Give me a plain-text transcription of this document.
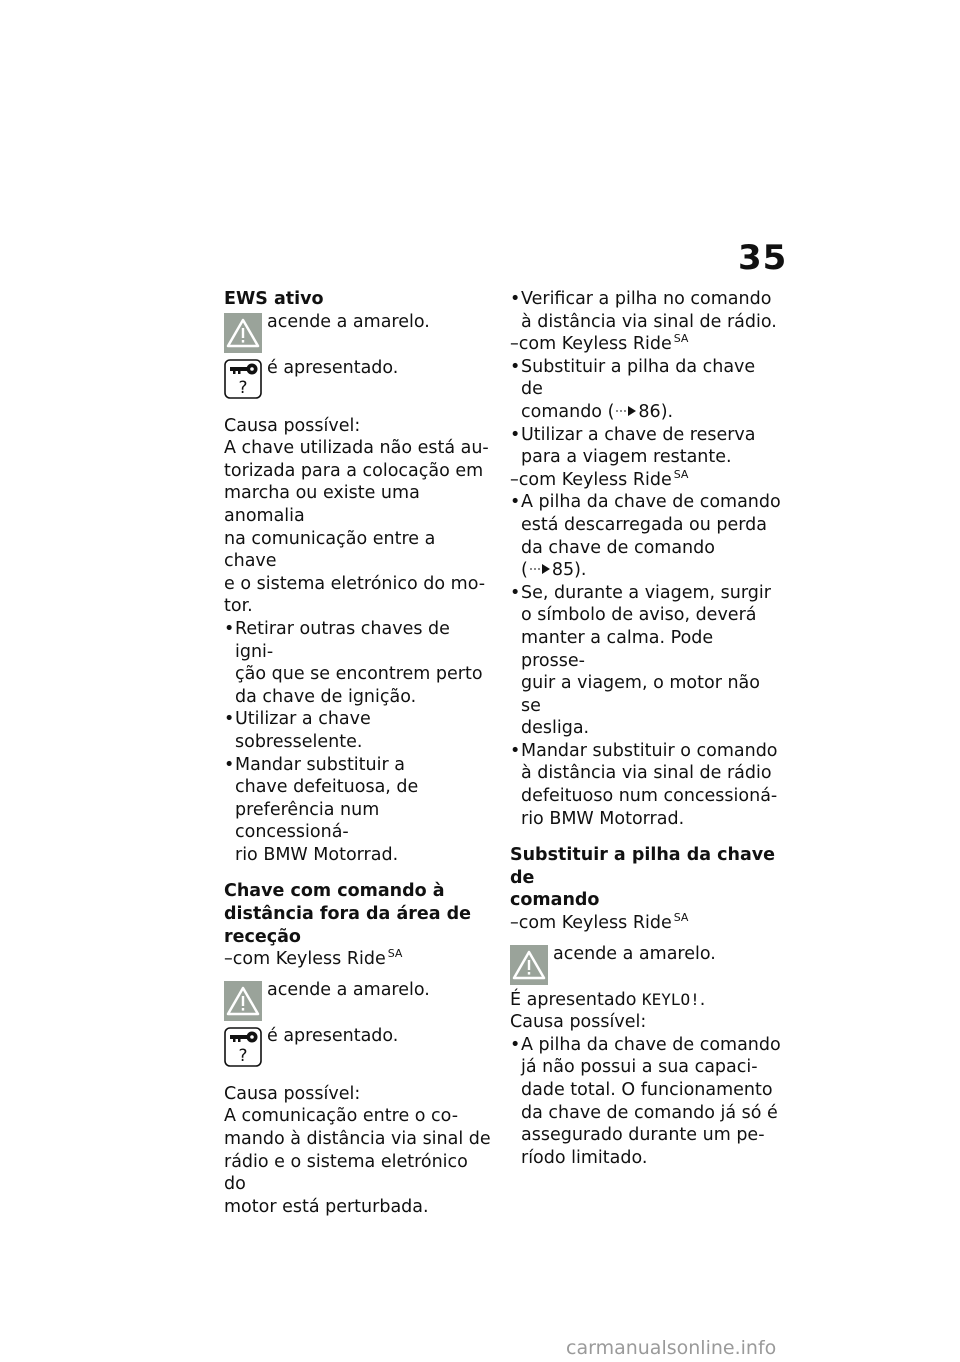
35
EWS ativo
acende a amarelo.
?
é apresentado.
Causa possível:
A chave utilizada não está au-
torizada para a colocação em
marcha ou existe uma anomalia
na comunicação entre a chave
e o sistema eletrónico do mo-
tor.
• Retirar outras chaves de igni-
ção que se encontrem perto
da chave de ignição.
• Utilizar a chave sobresselente.
• Mandar substituir a
chave defeituosa, de
preferência num concessioná-
rio BMW Motorrad.
Chave com comando à
distância fora da área de
receção
– com Keyless Ride $^{SA}$
acende a amarelo.
?
é apresentado.
Causa possível:
A comunicação entre o co-
mando à distância via sinal de
rádio e o sistema eletrónico do
motor está perturbada.
• Verificar a pilha no comando
à distância via sinal de rádio.
– com Keyless Ride $^{SA}$
• Substituir a pilha da chave de
comando ( 86).
• Utilizar a chave de reserva
para a viagem restante.
– com Keyless Ride $^{SA}$
• A pilha da chave de comando
está descarregada ou perda
da chave de comando
( 85).
• Se, durante a viagem, surgir
o símbolo de aviso, deverá
manter a calma. Pode prosse-
guir a viagem, o motor não se
desliga.
• Mandar substituir o comando
à distância via sinal de rádio
defeituoso num concessioná-
rio BMW Motorrad.
Substituir a pilha da chave de
comando
– com Keyless Ride $^{SA}$
acende a amarelo.
É apresentado KEYLO!.
Causa possível:
• A pilha da chave de comando
já não possui a sua capaci-
dade total. O funcionamento
da chave de comando já só é
assegurado durante um pe-
ríodo limitado.
carmanualsonline.info
